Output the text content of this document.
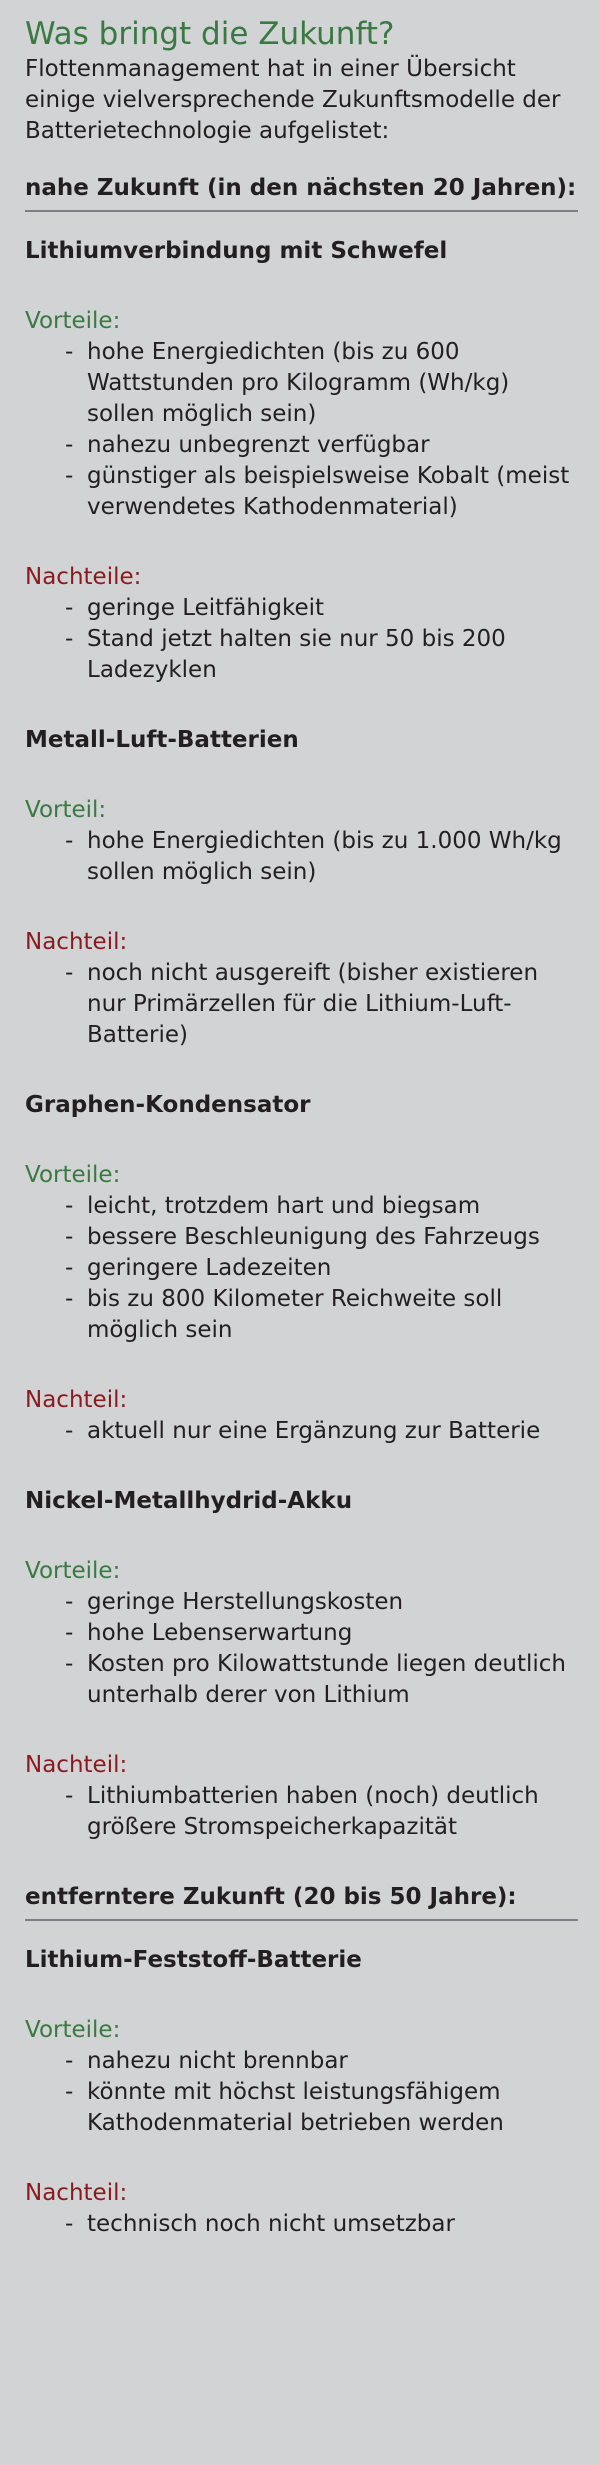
Was bringt die Zukunft?

Flottenmanagement hat in einer Übersicht einige vielversprechende Zukunftsmodelle der Batterietechnologie aufgelistet:

nahe Zukunft (in den nächsten 20 Jahren):
Lithiumverbindung mit Schwefel
Vorteile:
- hohe Energiedichten (bis zu 600 Wattstunden pro Kilogramm (Wh/kg) sollen möglich sein)
- nahezu unbegrenzt verfügbar
- günstiger als beispielsweise Kobalt (meist verwendetes Kathodenmaterial)
Nachteile:
- geringe Leitfähigkeit
- Stand jetzt halten sie nur 50 bis 200 Ladezyklen
Metall-Luft-Batterien
Vorteil:
- hohe Energiedichten (bis zu 1.000 Wh/kg sollen möglich sein)
Nachteil:
- noch nicht ausgereift (bisher existieren nur Primärzellen für die Lithium-Luft-Batterie)
Graphen-Kondensator
Vorteile:
- leicht, trotzdem hart und biegsam
- bessere Beschleunigung des Fahrzeugs
- geringere Ladezeiten
- bis zu 800 Kilometer Reichweite soll möglich sein
Nachteil:
- aktuell nur eine Ergänzung zur Batterie
Nickel-Metallhydrid-Akku
Vorteile:
- geringe Herstellungskosten
- hohe Lebenserwartung
- Kosten pro Kilowattstunde liegen deutlich unterhalb derer von Lithium
Nachteil:
- Lithiumbatterien haben (noch) deutlich größere Stromspeicherkapazität
entferntere Zukunft (20 bis 50 Jahre):
Lithium-Feststoff-Batterie
Vorteile:
- nahezu nicht brennbar
- könnte mit höchst leistungsfähigem Kathodenmaterial betrieben werden
Nachteil:
- technisch noch nicht umsetzbar
